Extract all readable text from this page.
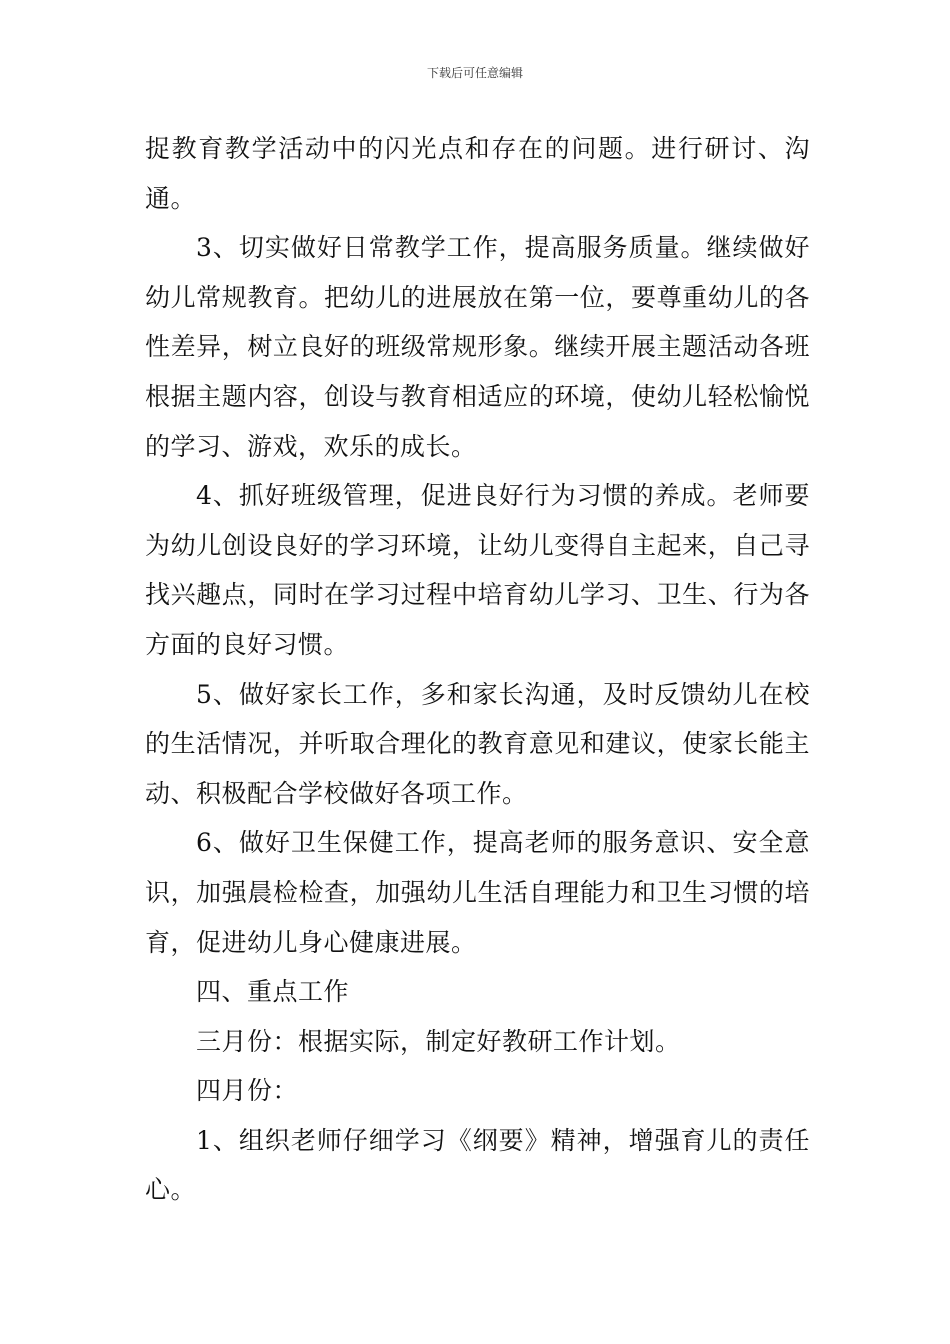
下载后可任意编辑

捉教育教学活动中的闪光点和存在的问题。进行研讨、沟通。

3、切实做好日常教学工作，提高服务质量。继续做好幼儿常规教育。把幼儿的进展放在第一位，要尊重幼儿的各性差异，树立良好的班级常规形象。继续开展主题活动各班根据主题内容，创设与教育相适应的环境，使幼儿轻松愉悦的学习、游戏，欢乐的成长。

4、抓好班级管理，促进良好行为习惯的养成。老师要为幼儿创设良好的学习环境，让幼儿变得自主起来，自己寻找兴趣点，同时在学习过程中培育幼儿学习、卫生、行为各方面的良好习惯。

5、做好家长工作，多和家长沟通，及时反馈幼儿在校的生活情况，并听取合理化的教育意见和建议，使家长能主动、积极配合学校做好各项工作。

6、做好卫生保健工作，提高老师的服务意识、安全意识，加强晨检检查，加强幼儿生活自理能力和卫生习惯的培育，促进幼儿身心健康进展。

四、重点工作

三月份：根据实际，制定好教研工作计划。

四月份：

1、组织老师仔细学习《纲要》精神，增强育儿的责任心。
